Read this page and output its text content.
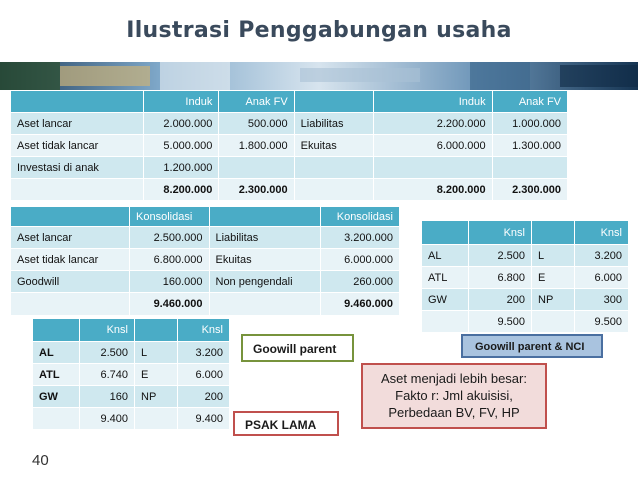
Ilustrasi Penggabungan usaha
	Induk	Anak FV		Induk	Anak FV
Aset lancar	2.000.000	500.000	Liabilitas	2.200.000	1.000.000
Aset tidak lancar	5.000.000	1.800.000	Ekuitas	6.000.000	1.300.000
Investasi di anak	1.200.000				
	8.200.000	2.300.000		8.200.000	2.300.000
	Konsolidasi		Konsolidasi
Aset lancar	2.500.000	Liabilitas	3.200.000
Aset tidak lancar	6.800.000	Ekuitas	6.000.000
Goodwill	160.000	Non pengendali	260.000
	9.460.000		9.460.000
	Knsl		Knsl
AL	2.500	L	3.200
ATL	6.800	E	6.000
GW	200	NP	300
	9.500		9.500
	Knsl		Knsl
AL	2.500	L	3.200
ATL	6.740	E	6.000
GW	160	NP	200
	9.400		9.400
Goowill parent	Goowill parent & NCI
PSAK LAMA
Aset menjadi lebih besar:
Fakto r: Jml akuisisi,
Perbedaan BV, FV, HP
40
